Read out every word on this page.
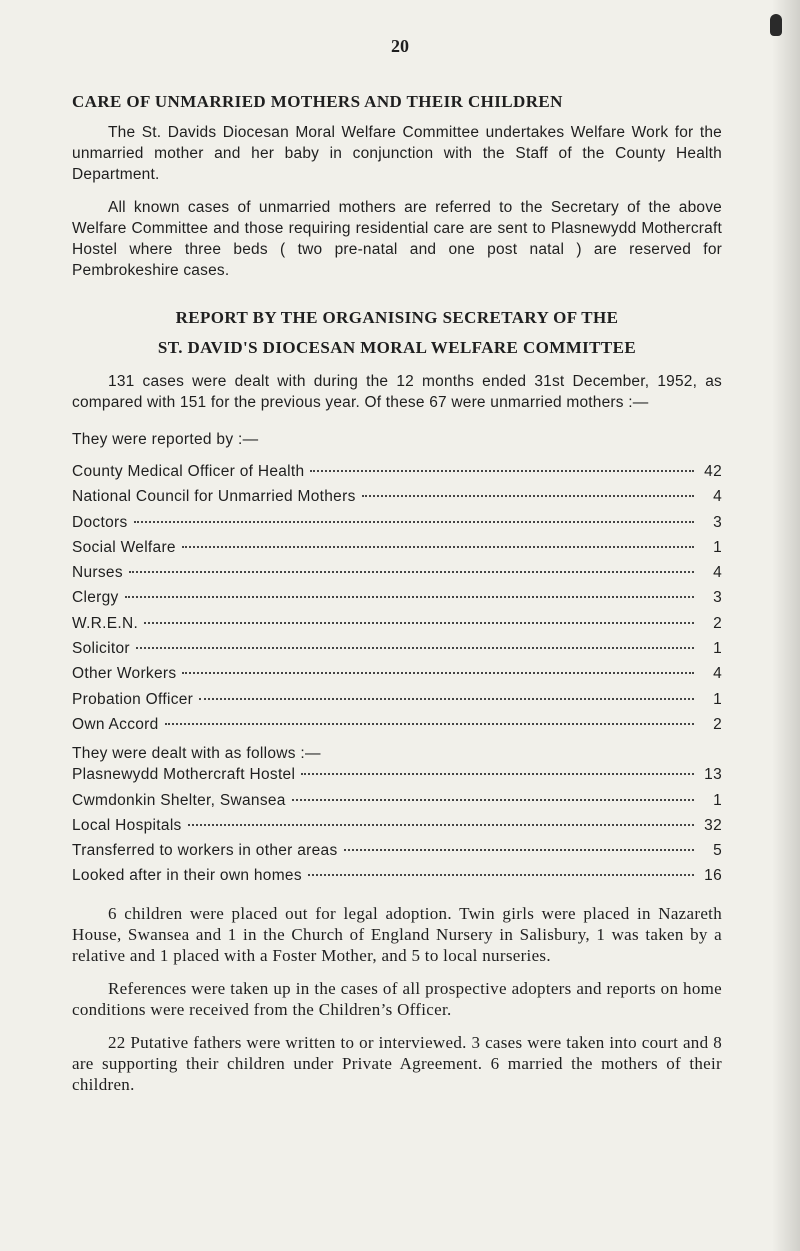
20
CARE OF UNMARRIED MOTHERS AND THEIR CHILDREN

The St. Davids Diocesan Moral Welfare Committee undertakes Welfare Work for the unmarried mother and her baby in conjunction with the Staff of the County Health Department.

All known cases of unmarried mothers are referred to the Secretary of the above Welfare Committee and those requiring residential care are sent to Plasnewydd Mothercraft Hostel where three beds ( two pre-natal and one post natal ) are reserved for Pembrokeshire cases.

REPORT BY THE ORGANISING SECRETARY OF THE
ST. DAVID'S DIOCESAN MORAL WELFARE COMMITTEE

131 cases were dealt with during the 12 months ended 31st December, 1952, as compared with 151 for the previous year. Of these 67 were unmarried mothers :—

They were reported by :—
County Medical Officer of Health	42
National Council for Unmarried Mothers	4
Doctors	3
Social Welfare	1
Nurses	4
Clergy	3
W.R.E.N.	2
Solicitor	1
Other Workers	4
Probation Officer	1
Own Accord	2
They were dealt with as follows :—
Plasnewydd Mothercraft Hostel	13
Cwmdonkin Shelter, Swansea	1
Local Hospitals	32
Transferred to workers in other areas	5
Looked after in their own homes	16

6 children were placed out for legal adoption. Twin girls were placed in Nazareth House, Swansea and 1 in the Church of England Nursery in Salisbury, 1 was taken by a relative and 1 placed with a Foster Mother, and 5 to local nurseries.

References were taken up in the cases of all prospective adopters and reports on home conditions were received from the Children’s Officer.

22 Putative fathers were written to or interviewed. 3 cases were taken into court and 8 are supporting their children under Private Agreement. 6 married the mothers of their children.
